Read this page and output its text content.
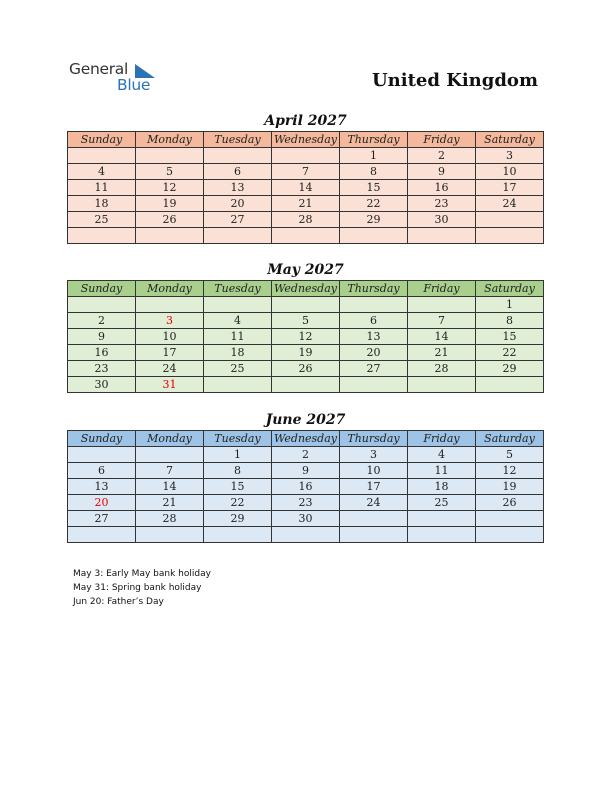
General
Blue	United Kingdom
April 2027
Sunday	Monday	Tuesday	Wednesday	Thursday	Friday	Saturday
				1	2	3
4	5	6	7	8	9	10
11	12	13	14	15	16	17
18	19	20	21	22	23	24
25	26	27	28	29	30	

May 2027
Sunday	Monday	Tuesday	Wednesday	Thursday	Friday	Saturday
						1
2	3	4	5	6	7	8
9	10	11	12	13	14	15
16	17	18	19	20	21	22
23	24	25	26	27	28	29
30	31					
June 2027
Sunday	Monday	Tuesday	Wednesday	Thursday	Friday	Saturday
		1	2	3	4	5
6	7	8	9	10	11	12
13	14	15	16	17	18	19
20	21	22	23	24	25	26
27	28	29	30			

May 3: Early May bank holiday
May 31: Spring bank holiday
Jun 20: Father’s Day
